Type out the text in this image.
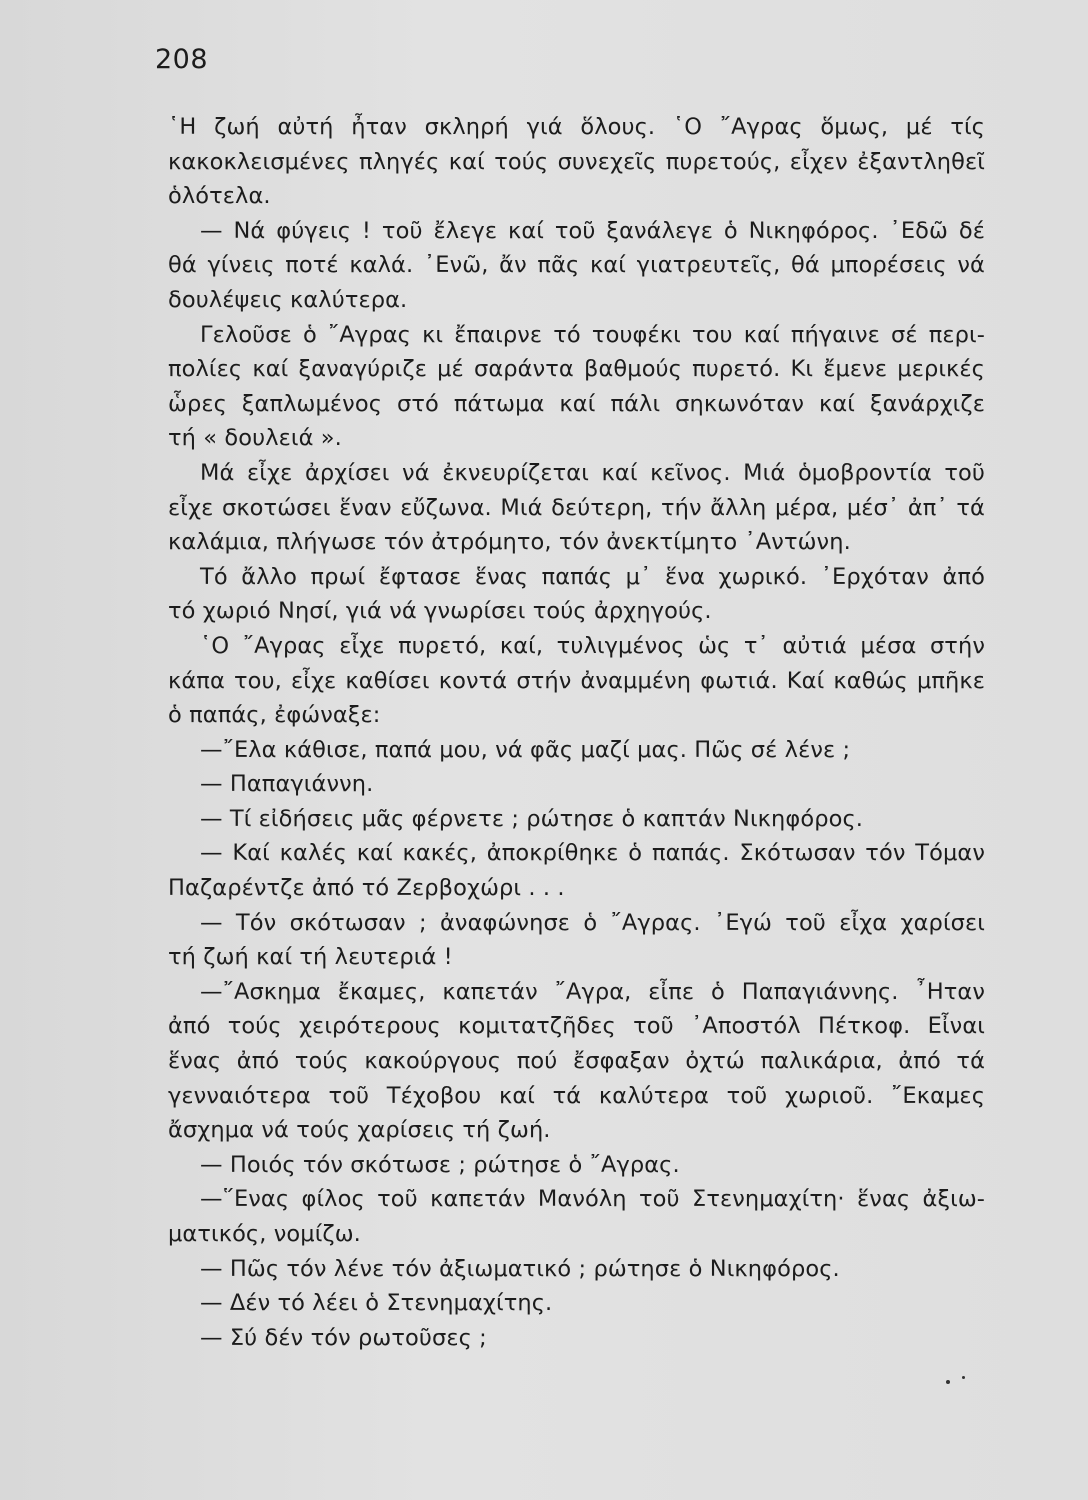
208
῾Η ζωή αὐτή ἦταν σκληρή γιά ὅλους. ῾Ο ῎Αγρας ὅμως, μέ τίς
κακοκλεισμένες πληγές καί τούς συνεχεῖς πυρετούς, εἶχεν ἐξαντληθεῖ
ὁλότελα.
— Νά φύγεις ! τοῦ ἔλεγε καί τοῦ ξανάλεγε ὁ Νικηφόρος. ᾿Εδῶ δέ
θά γίνεις ποτέ καλά. ᾿Ενῶ, ἄν πᾶς καί γιατρευτεῖς, θά μπορέσεις νά
δουλέψεις καλύτερα.
Γελοῦσε ὁ ῎Αγρας κι ἔπαιρνε τό τουφέκι του καί πήγαινε σέ περι-
πολίες καί ξαναγύριζε μέ σαράντα βαθμούς πυρετό. Κι ἔμενε μερικές
ὧρες ξαπλωμένος στό πάτωμα καί πάλι σηκωνόταν καί ξανάρχιζε
τή « δουλειά ».
Μά εἶχε ἀρχίσει νά ἐκνευρίζεται καί κεῖνος. Μιά ὁμοβροντία τοῦ
εἶχε σκοτώσει ἕναν εὔζωνα. Μιά δεύτερη, τήν ἄλλη μέρα, μέσ᾿ ἀπ᾿ τά
καλάμια, πλήγωσε τόν ἀτρόμητο, τόν ἀνεκτίμητο ᾿Αντώνη.
Τό ἄλλο πρωί ἔφτασε ἕνας παπάς μ᾿ ἕνα χωρικό. ᾿Ερχόταν ἀπό
τό χωριό Νησί, γιά νά γνωρίσει τούς ἀρχηγούς.
῾Ο ῎Αγρας εἶχε πυρετό, καί, τυλιγμένος ὡς τ᾿ αὐτιά μέσα στήν
κάπα του, εἶχε καθίσει κοντά στήν ἀναμμένη φωτιά. Καί καθώς μπῆκε
ὁ παπάς, ἐφώναξε:
—῎Ελα κάθισε, παπά μου, νά φᾶς μαζί μας. Πῶς σέ λένε ;
— Παπαγιάννη.
— Τί εἰδήσεις μᾶς φέρνετε ; ρώτησε ὁ καπτάν Νικηφόρος.
— Καί καλές καί κακές, ἀποκρίθηκε ὁ παπάς. Σκότωσαν τόν Τόμαν
Παζαρέντζε ἀπό τό Ζερβοχώρι . . .
— Τόν σκότωσαν ; ἀναφώνησε ὁ ῎Αγρας. ᾿Εγώ τοῦ εἶχα χαρίσει
τή ζωή καί τή λευτεριά !
—῎Ασκημα ἔκαμες, καπετάν ῎Αγρα, εἶπε ὁ Παπαγιάννης. ῏Ηταν
ἀπό τούς χειρότερους κομιτατζῆδες τοῦ ᾿Αποστόλ Πέτκοφ. Εἶναι
ἕνας ἀπό τούς κακούργους πού ἔσφαξαν ὀχτώ παλικάρια, ἀπό τά
γενναιότερα τοῦ Τέχοβου καί τά καλύτερα τοῦ χωριοῦ. ῎Εκαμες
ἄσχημα νά τούς χαρίσεις τή ζωή.
— Ποιός τόν σκότωσε ; ρώτησε ὁ ῎Αγρας.
—῞Ενας φίλος τοῦ καπετάν Μανόλη τοῦ Στενημαχίτη· ἕνας ἀξιω-
ματικός, νομίζω.
— Πῶς τόν λένε τόν ἀξιωματικό ; ρώτησε ὁ Νικηφόρος.
— Δέν τό λέει ὁ Στενημαχίτης.
— Σύ δέν τόν ρωτοῦσες ;
